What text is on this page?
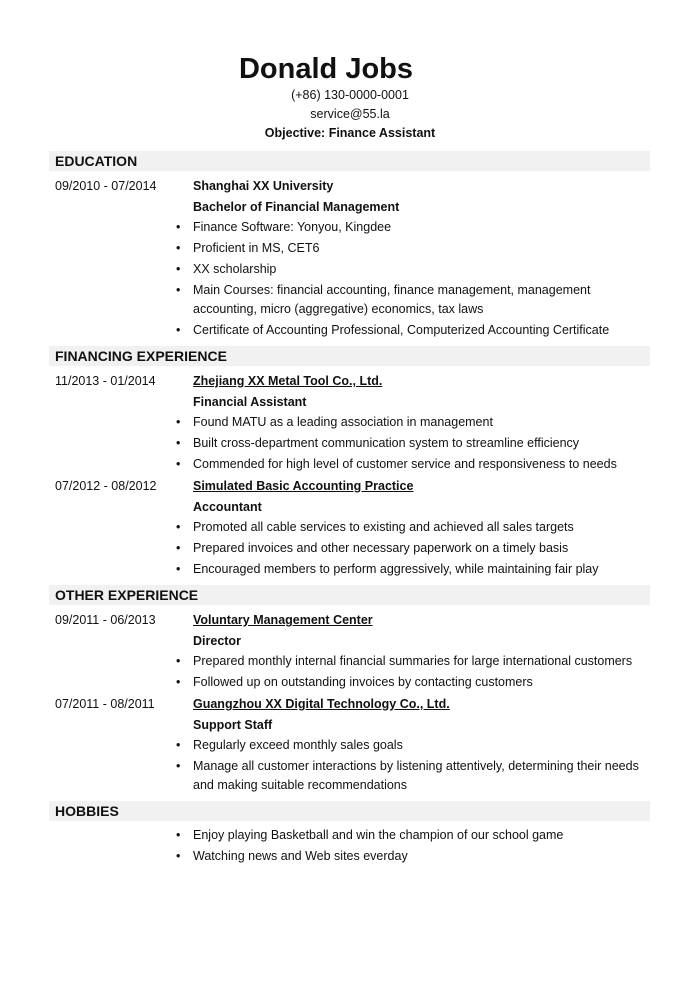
Donald Jobs
(+86) 130-0000-0001
service@55.la
Objective: Finance Assistant
EDUCATION
09/2010 - 07/2014	Shanghai XX University
Bachelor of Financial Management
• Finance Software: Yonyou, Kingdee
• Proficient in MS, CET6
• XX scholarship
• Main Courses: financial accounting, finance management, management accounting, micro (aggregative) economics, tax laws
• Certificate of Accounting Professional, Computerized Accounting Certificate
FINANCING EXPERIENCE
11/2013 - 01/2014	Zhejiang XX Metal Tool Co., Ltd.
Financial Assistant
• Found MATU as a leading association in management
• Built cross-department communication system to streamline efficiency
• Commended for high level of customer service and responsiveness to needs
07/2012 - 08/2012	Simulated Basic Accounting Practice
Accountant
• Promoted all cable services to existing and achieved all sales targets
• Prepared invoices and other necessary paperwork on a timely basis
• Encouraged members to perform aggressively, while maintaining fair play
OTHER EXPERIENCE
09/2011 - 06/2013	Voluntary Management Center
Director
• Prepared monthly internal financial summaries for large international customers
• Followed up on outstanding invoices by contacting customers
07/2011 - 08/2011	Guangzhou XX Digital Technology Co., Ltd.
Support Staff
• Regularly exceed monthly sales goals
• Manage all customer interactions by listening attentively, determining their needs and making suitable recommendations
HOBBIES
• Enjoy playing Basketball and win the champion of our school game
• Watching news and Web sites everday
